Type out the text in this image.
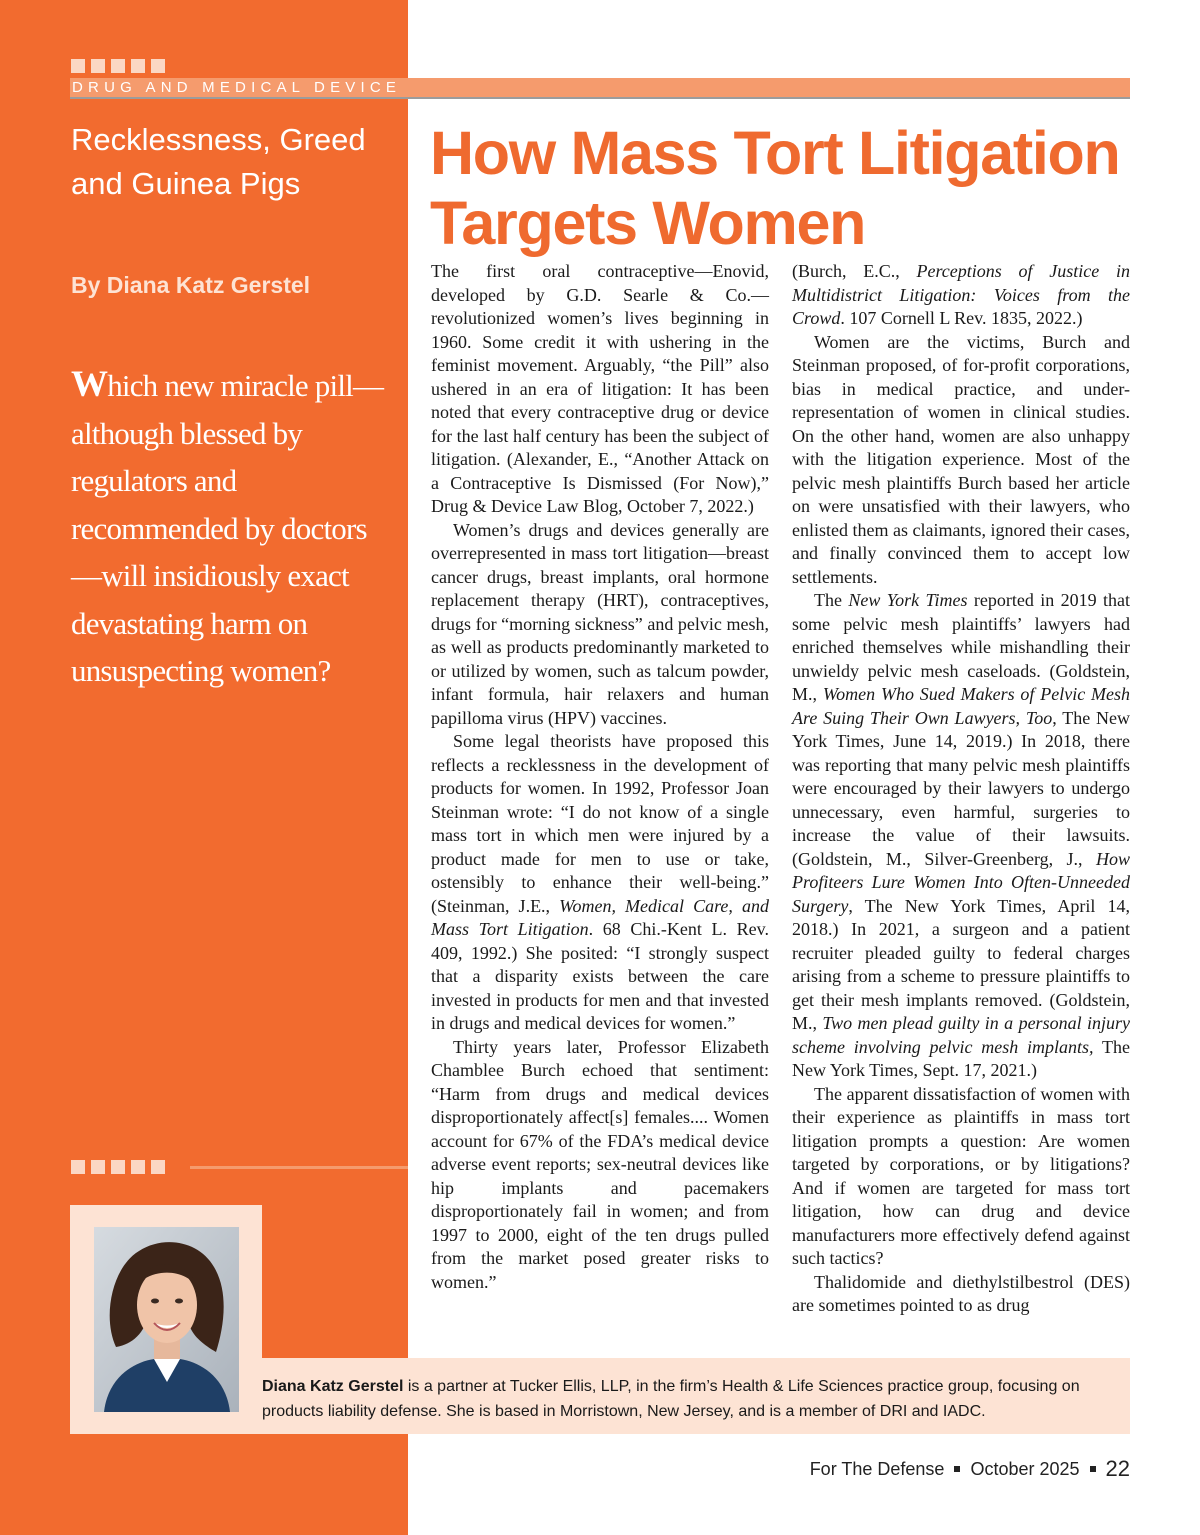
DRUG AND MEDICAL DEVICE
Recklessness, Greed and Guinea Pigs
By Diana Katz Gerstel
Which new miracle pill—although blessed by regulators and recommended by doctors—will insidiously exact devastating harm on unsuspecting women?
How Mass Tort Litigation Targets Women

The first oral contraceptive—Enovid, developed by G.D. Searle & Co.—revolutionized women’s lives beginning in 1960. Some credit it with ushering in the feminist movement. Arguably, “the Pill” also ushered in an era of litigation: It has been noted that every contraceptive drug or device for the last half century has been the subject of litigation. (Alexander, E., “Another Attack on a Contraceptive Is Dismissed (For Now),” Drug & Device Law Blog, October 7, 2022.)

Women’s drugs and devices generally are overrepresented in mass tort litigation—breast cancer drugs, breast implants, oral hormone replacement therapy (HRT), contraceptives, drugs for “morning sickness” and pelvic mesh, as well as products predominantly marketed to or utilized by women, such as talcum powder, infant formula, hair relaxers and human papilloma virus (HPV) vaccines.

Some legal theorists have proposed this reflects a recklessness in the development of products for women. In 1992, Professor Joan Steinman wrote: “I do not know of a single mass tort in which men were injured by a product made for men to use or take, ostensibly to enhance their well-being.” (Steinman, J.E., Women, Medical Care, and Mass Tort Litigation. 68 Chi.-Kent L. Rev. 409, 1992.) She posited: “I strongly suspect that a disparity exists between the care invested in products for men and that invested in drugs and medical devices for women.”

Thirty years later, Professor Elizabeth Chamblee Burch echoed that sentiment: “Harm from drugs and medical devices disproportionately affect[s] females.... Women account for 67% of the FDA’s medical device adverse event reports; sex-neutral devices like hip implants and pacemakers disproportionately fail in women; and from 1997 to 2000, eight of the ten drugs pulled from the market posed greater risks to women.”

(Burch, E.C., Perceptions of Justice in Multidistrict Litigation: Voices from the Crowd. 107 Cornell L Rev. 1835, 2022.)

Women are the victims, Burch and Steinman proposed, of for-profit corporations, bias in medical practice, and under-representation of women in clinical studies. On the other hand, women are also unhappy with the litigation experience. Most of the pelvic mesh plaintiffs Burch based her article on were unsatisfied with their lawyers, who enlisted them as claimants, ignored their cases, and finally convinced them to accept low settlements.

The New York Times reported in 2019 that some pelvic mesh plaintiffs’ lawyers had enriched themselves while mishandling their unwieldy pelvic mesh caseloads. (Goldstein, M., Women Who Sued Makers of Pelvic Mesh Are Suing Their Own Lawyers, Too, The New York Times, June 14, 2019.) In 2018, there was reporting that many pelvic mesh plaintiffs were encouraged by their lawyers to undergo unnecessary, even harmful, surgeries to increase the value of their lawsuits. (Goldstein, M., Silver-Greenberg, J., How Profiteers Lure Women Into Often-Unneeded Surgery, The New York Times, April 14, 2018.) In 2021, a surgeon and a patient recruiter pleaded guilty to federal charges arising from a scheme to pressure plaintiffs to get their mesh implants removed. (Goldstein, M., Two men plead guilty in a personal injury scheme involving pelvic mesh implants, The New York Times, Sept. 17, 2021.)

The apparent dissatisfaction of women with their experience as plaintiffs in mass tort litigation prompts a question: Are women targeted by corporations, or by litigations? And if women are targeted for mass tort litigation, how can drug and device manufacturers more effectively defend against such tactics?

Thalidomide and diethylstilbestrol (DES) are sometimes pointed to as drug

Diana Katz Gerstel is a partner at Tucker Ellis, LLP, in the firm’s Health & Life Sciences practice group, focusing on products liability defense. She is based in Morristown, New Jersey, and is a member of DRI and IADC.

For The Defense October 2025 22
